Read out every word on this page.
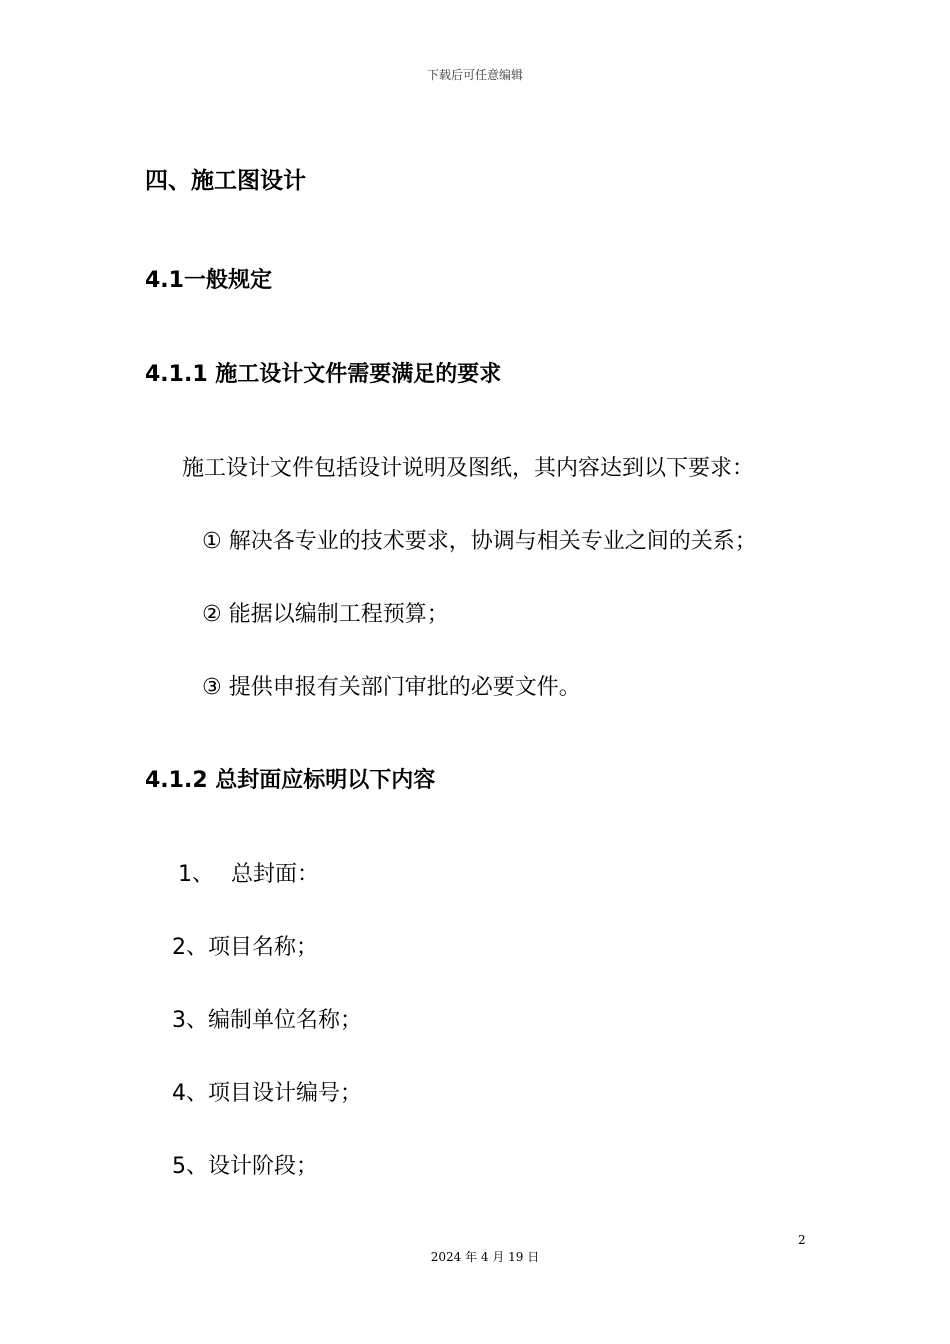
下载后可任意编辑
四、施工图设计
4.1一般规定
4.1.1 施工设计文件需要满足的要求
施工设计文件包括设计说明及图纸，其内容达到以下要求：
① 解决各专业的技术要求，协调与相关专业之间的关系；
② 能据以编制工程预算；
③ 提供申报有关部门审批的必要文件。
4.1.2 总封面应标明以下内容
1、 总封面：
2、项目名称；
3、编制单位名称；
4、项目设计编号；
5、设计阶段；
2
2024 年 4 月 19 日
